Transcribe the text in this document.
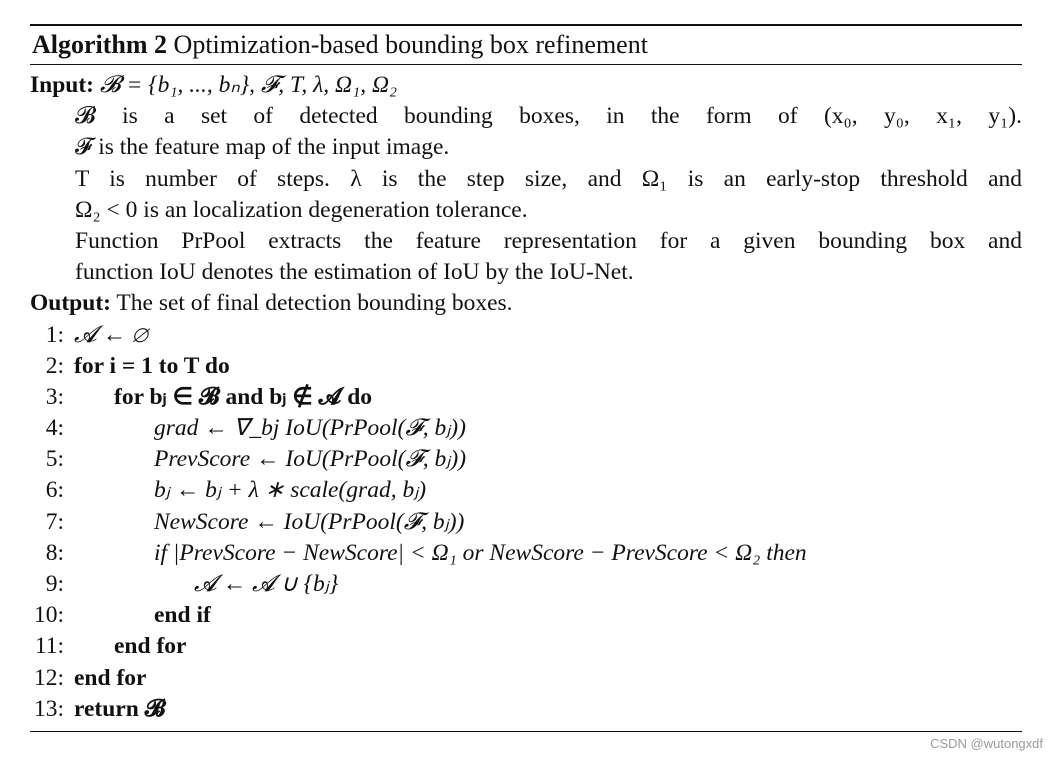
Algorithm 2 Optimization-based bounding box refinement
Input: 𝓑 = {b₁, ..., bₙ}, 𝓕, T, λ, Ω₁, Ω₂
𝓑 is a set of detected bounding boxes, in the form of (x₀, y₀, x₁, y₁).
𝓕 is the feature map of the input image.
T is number of steps. λ is the step size, and Ω₁ is an early-stop threshold and
Ω₂ < 0 is an localization degeneration tolerance.
Function PrPool extracts the feature representation for a given bounding box and
function IoU denotes the estimation of IoU by the IoU-Net.
Output: The set of final detection bounding boxes.
1: 𝓐 ← ∅
2: for i = 1 to T do
3: for bⱼ ∈ 𝓑 and bⱼ ∉ 𝓐 do
4:	grad ← ∇_bj IoU(PrPool(𝓕, bⱼ))
5:	PrevScore ← IoU(PrPool(𝓕, bⱼ))
6:	bⱼ ← bⱼ + λ ∗ scale(grad, bⱼ)
7:	NewScore ← IoU(PrPool(𝓕, bⱼ))
8:	if |PrevScore − NewScore| < Ω₁ or NewScore − PrevScore < Ω₂ then
9:	𝓐 ← 𝓐 ∪ {bⱼ}
10:	end if
11: end for
12: end for
13: return 𝓑
CSDN @wutongxdf
